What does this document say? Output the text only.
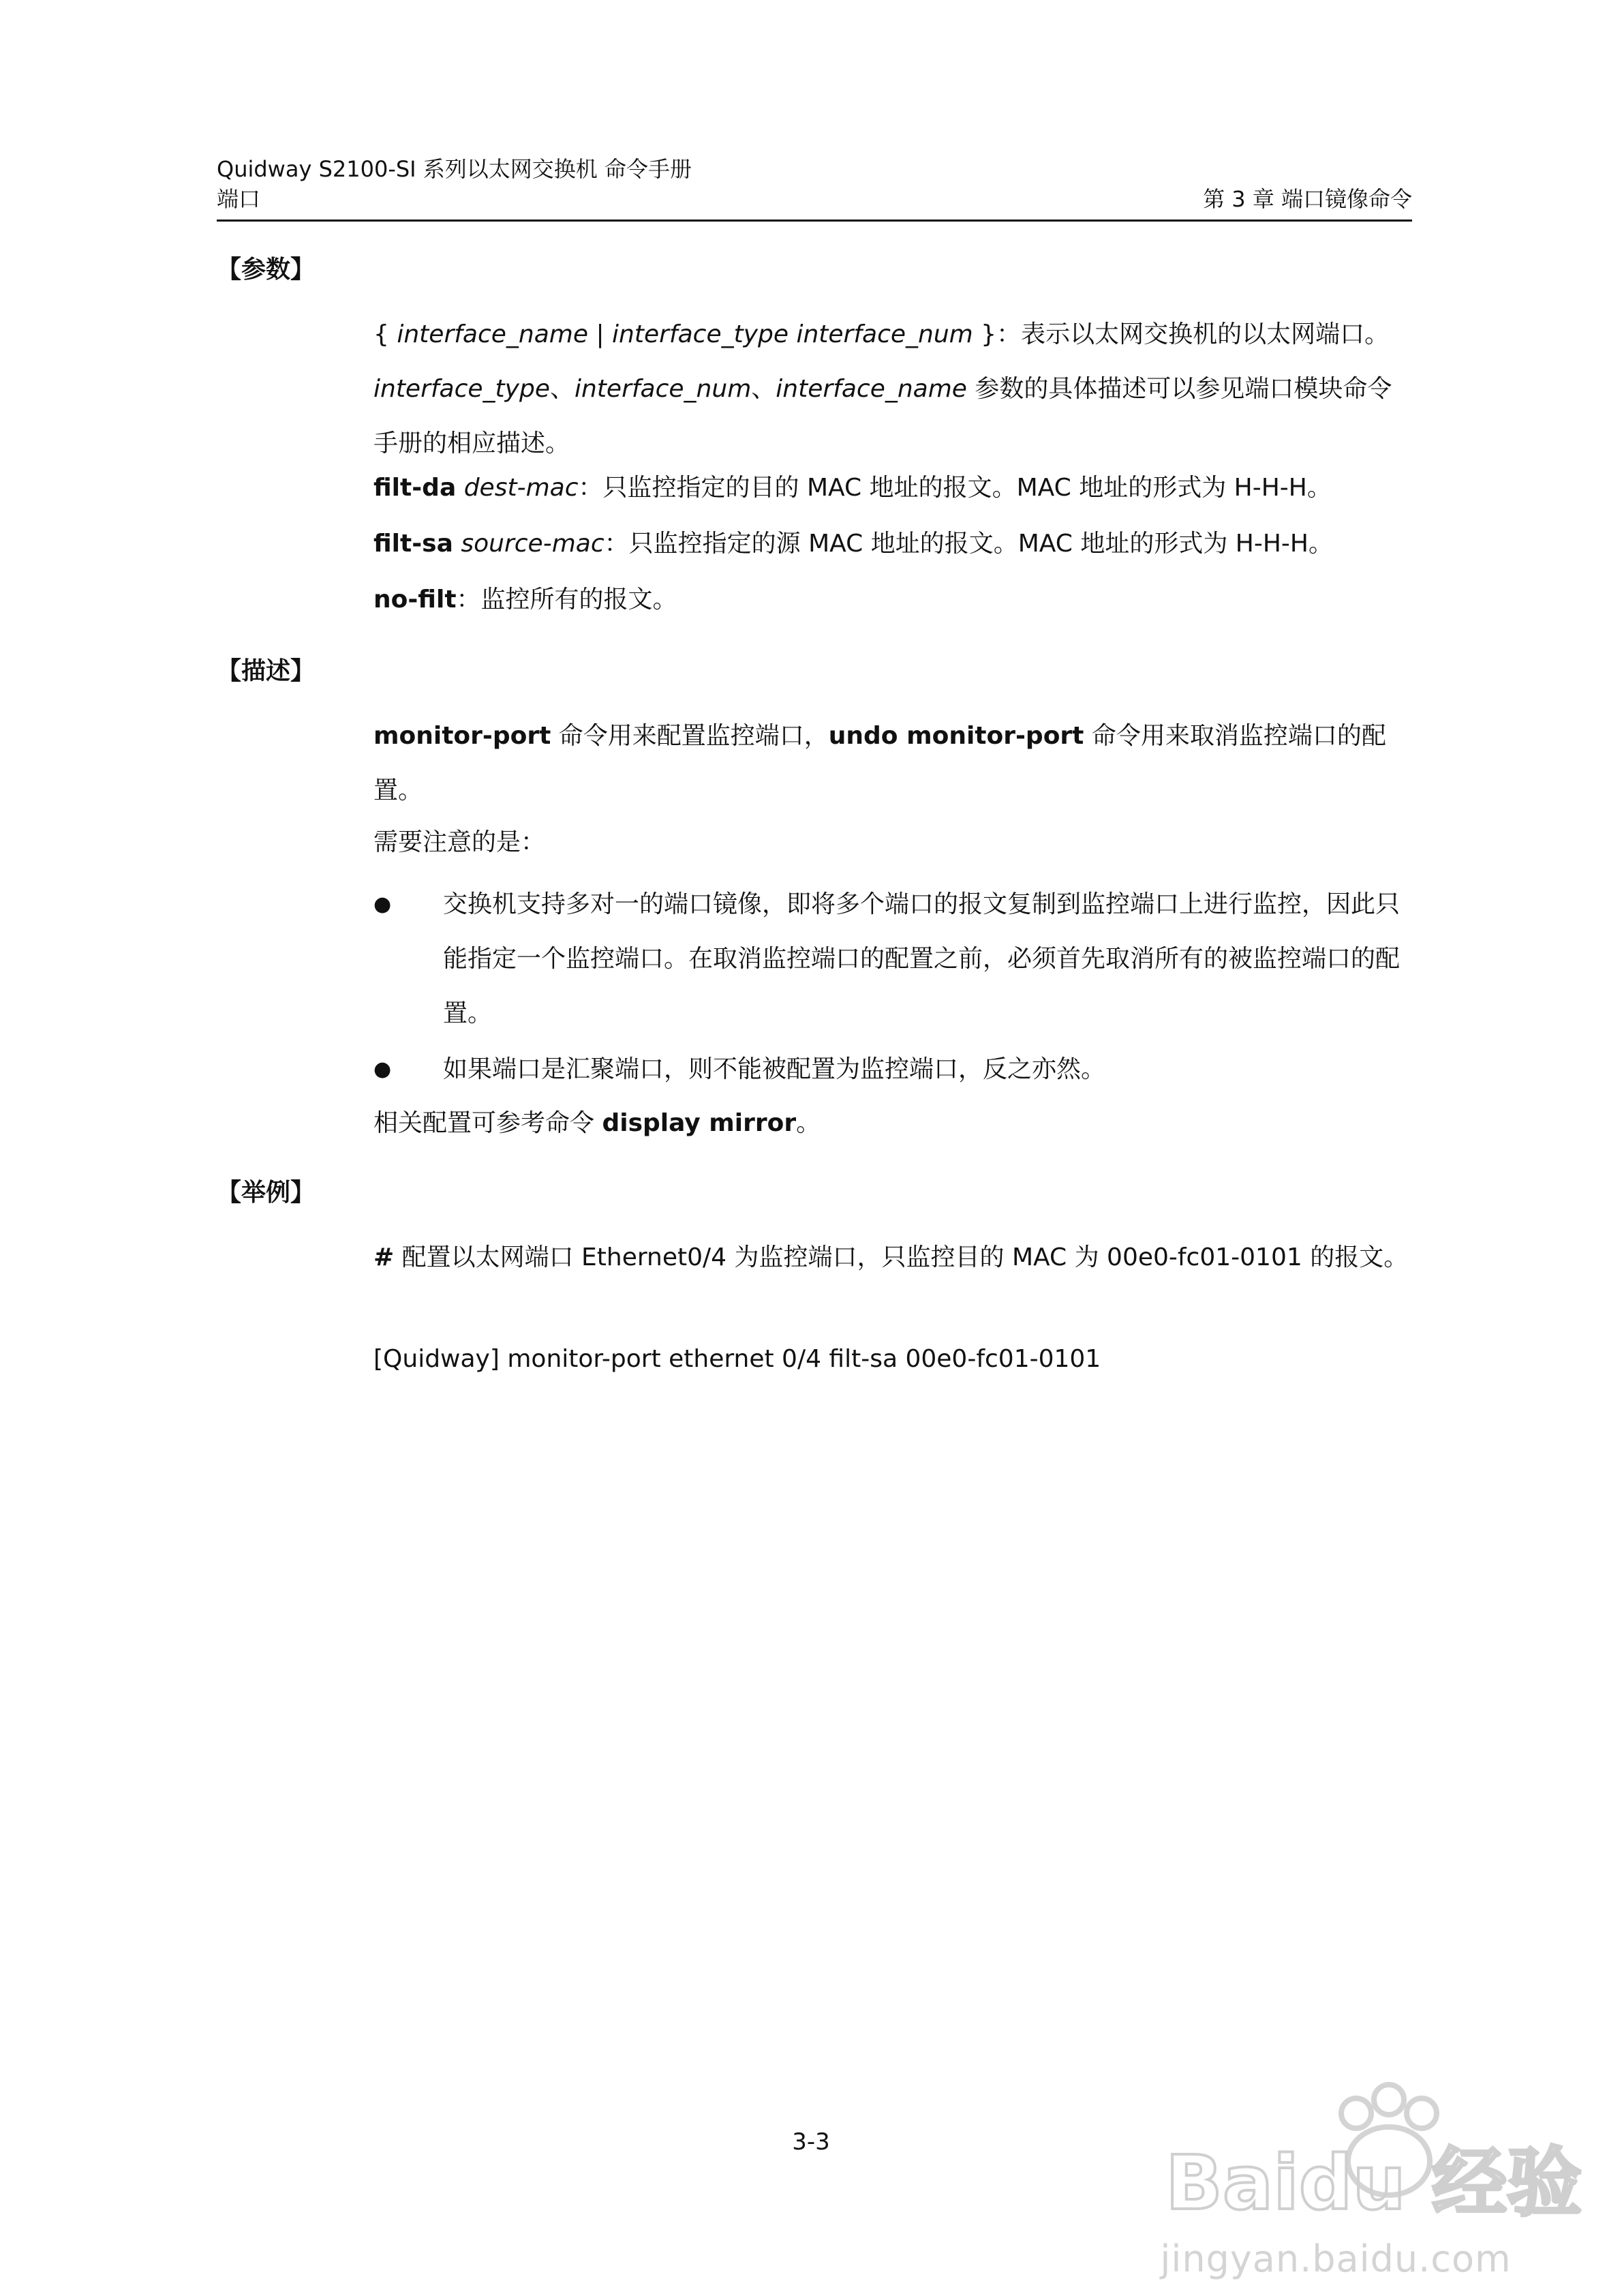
Quidway S2100-SI 系列以太网交换机 命令手册
端口	第 3 章 端口镜像命令
【参数】
{ interface_name | interface_type interface_num }：表示以太网交换机的以太网端口。interface_type、interface_num、interface_name 参数的具体描述可以参见端口模块命令手册的相应描述。
filt-da dest-mac：只监控指定的目的 MAC 地址的报文。MAC 地址的形式为 H-H-H。
filt-sa source-mac：只监控指定的源 MAC 地址的报文。MAC 地址的形式为 H-H-H。
no-filt：监控所有的报文。
【描述】
monitor-port 命令用来配置监控端口，undo monitor-port 命令用来取消监控端口的配置。
需要注意的是：
● 交换机支持多对一的端口镜像，即将多个端口的报文复制到监控端口上进行监控，因此只能指定一个监控端口。在取消监控端口的配置之前，必须首先取消所有的被监控端口的配置。
● 如果端口是汇聚端口，则不能被配置为监控端口，反之亦然。
相关配置可参考命令 display mirror。
【举例】
# 配置以太网端口 Ethernet0/4 为监控端口，只监控目的 MAC 为 00e0-fc01-0101 的报文。
[Quidway] monitor-port ethernet 0/4 filt-sa 00e0-fc01-0101
3-3	Baidu 经验
jingyan.baidu.com
